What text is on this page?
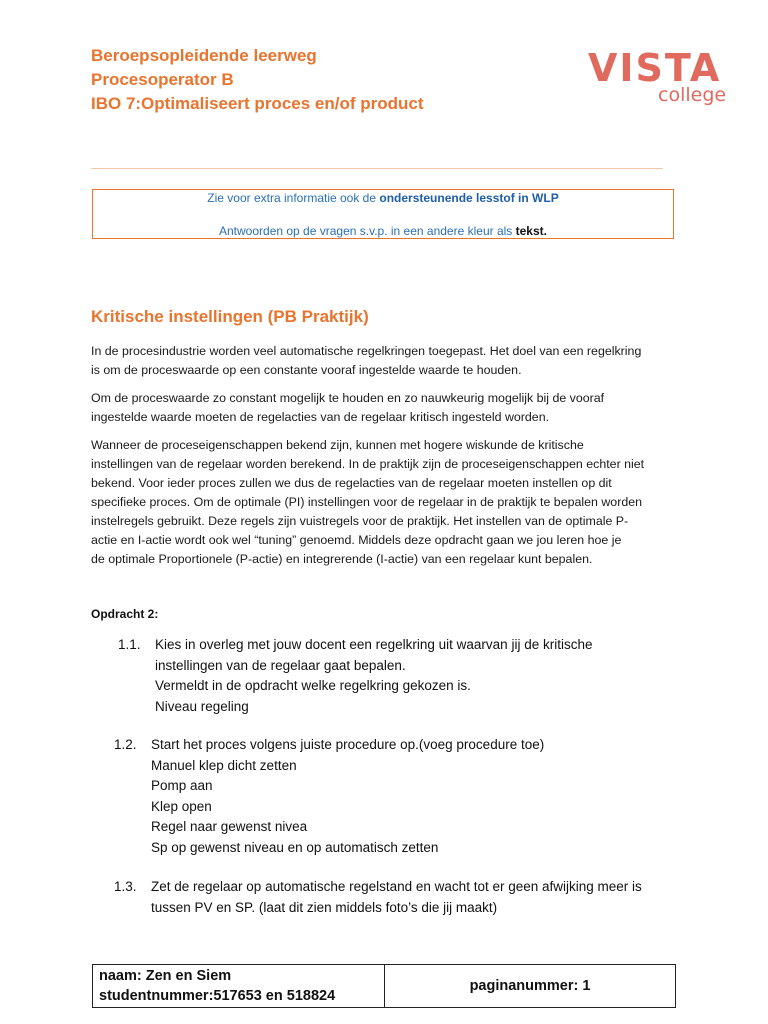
Beroepsopleidende leerweg
Procesoperator B
IBO 7:Optimaliseert proces en/of product
VISTA
college
Zie voor extra informatie ook de ondersteunende lesstof in WLP
Antwoorden op de vragen s.v.p. in een andere kleur als tekst.
Kritische instellingen (PB Praktijk)
In de procesindustrie worden veel automatische regelkringen toegepast. Het doel van een regelkring
is om de proceswaarde op een constante vooraf ingestelde waarde te houden.
Om de proceswaarde zo constant mogelijk te houden en zo nauwkeurig mogelijk bij de vooraf
ingestelde waarde moeten de regelacties van de regelaar kritisch ingesteld worden.
Wanneer de proceseigenschappen bekend zijn, kunnen met hogere wiskunde de kritische
instellingen van de regelaar worden berekend. In de praktijk zijn de proceseigenschappen echter niet
bekend. Voor ieder proces zullen we dus de regelacties van de regelaar moeten instellen op dit
specifieke proces. Om de optimale (PI) instellingen voor de regelaar in de praktijk te bepalen worden
instelregels gebruikt. Deze regels zijn vuistregels voor de praktijk. Het instellen van de optimale P-
actie en I-actie wordt ook wel “tuning” genoemd. Middels deze opdracht gaan we jou leren hoe je
de optimale Proportionele (P-actie) en integrerende (I-actie) van een regelaar kunt bepalen.
Opdracht 2:
1.1. Kies in overleg met jouw docent een regelkring uit waarvan jij de kritische
instellingen van de regelaar gaat bepalen.
Vermeldt in de opdracht welke regelkring gekozen is.
Niveau regeling
1.2. Start het proces volgens juiste procedure op.(voeg procedure toe)
Manuel klep dicht zetten
Pomp aan
Klep open
Regel naar gewenst nivea
Sp op gewenst niveau en op automatisch zetten
1.3. Zet de regelaar op automatische regelstand en wacht tot er geen afwijking meer is
tussen PV en SP. (laat dit zien middels foto’s die jij maakt)
naam: Zen en Siem
studentnummer:517653 en 518824
paginanummer: 1
